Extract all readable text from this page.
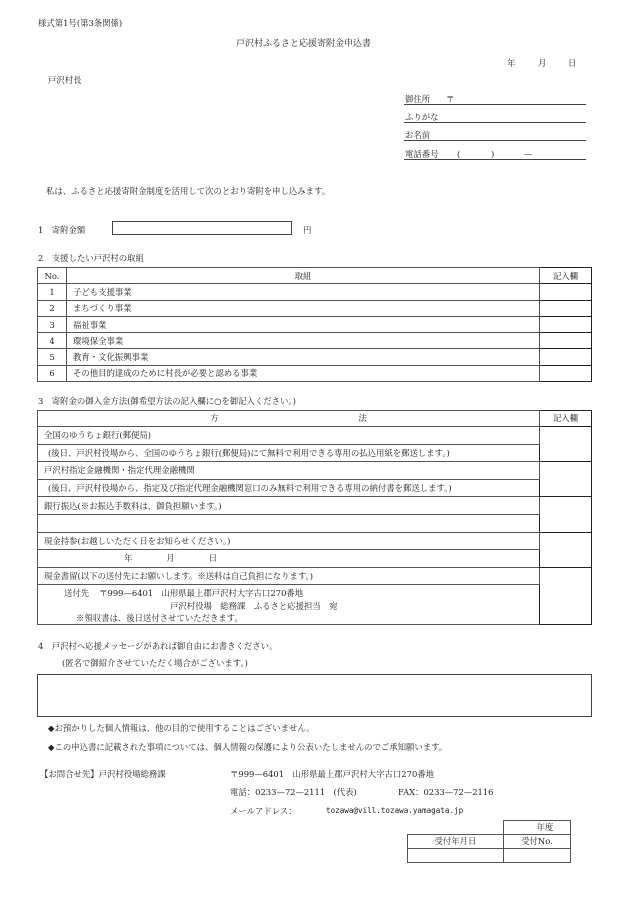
様式第1号(第3条関係)
戸沢村ふるさと応援寄附金申込書
年	月	日
戸沢村長
御住所 〒
ふりがな
お名前
電話番号 (	)	—
私は、ふるさと応援寄附金制度を活用して次のとおり寄附を申し込みます。
1　寄附金額	円
2　支援したい戸沢村の取組
No.	取組	記入欄
1	子ども支援事業	
2	まちづくり事業	
3	福祉事業	
4	環境保全事業	
5	教育・文化振興事業	
6	その他目的達成のために村長が必要と認める事業	
3　寄附金の御入金方法(御希望方法の記入欄に○を御記入ください。)
方 法	記入欄
全国のゆうちょ銀行(郵便局)	
(後日、戸沢村役場から、全国のゆうちょ銀行(郵便局)にて無料で利用できる専用の払込用紙を郵送します。)	
戸沢村指定金融機関・指定代理金融機関	
(後日、戸沢村役場から、指定及び指定代理金融機関窓口のみ無料で利用できる専用の納付書を郵送します。)	
銀行振込(※お振込手数料は、御負担願います。)	

現金持参(お越しいただく日をお知らせください。)	
年 月 日	
現金書留(以下の送付先にお願いします。※送料は自己負担になります。)	

送付先 〒999—6401　山形県最上郡戸沢村大字古口270番地
戸沢村役場　総務課　ふるさと応援担当　宛
※領収書は、後日送付させていただきます。	
4　戸沢村へ応援メッセージがあれば御自由にお書きください。
(匿名で御紹介させていただく場合がございます。)
◆お預かりした個人情報は、他の目的で使用することはございません。
◆この申込書に記載された事項については、個人情報の保護により公表いたしませんのでご承知願います。
【お問合せ先】戸沢村役場総務課	〒999—6401　山形県最上郡戸沢村大字古口270番地
電話：0233—72—2111　(代表)	FAX：0233—72—2116
メールアドレス：	tozawa@vill.tozawa.yamagata.jp
	年度
受付年月日	受付No.
